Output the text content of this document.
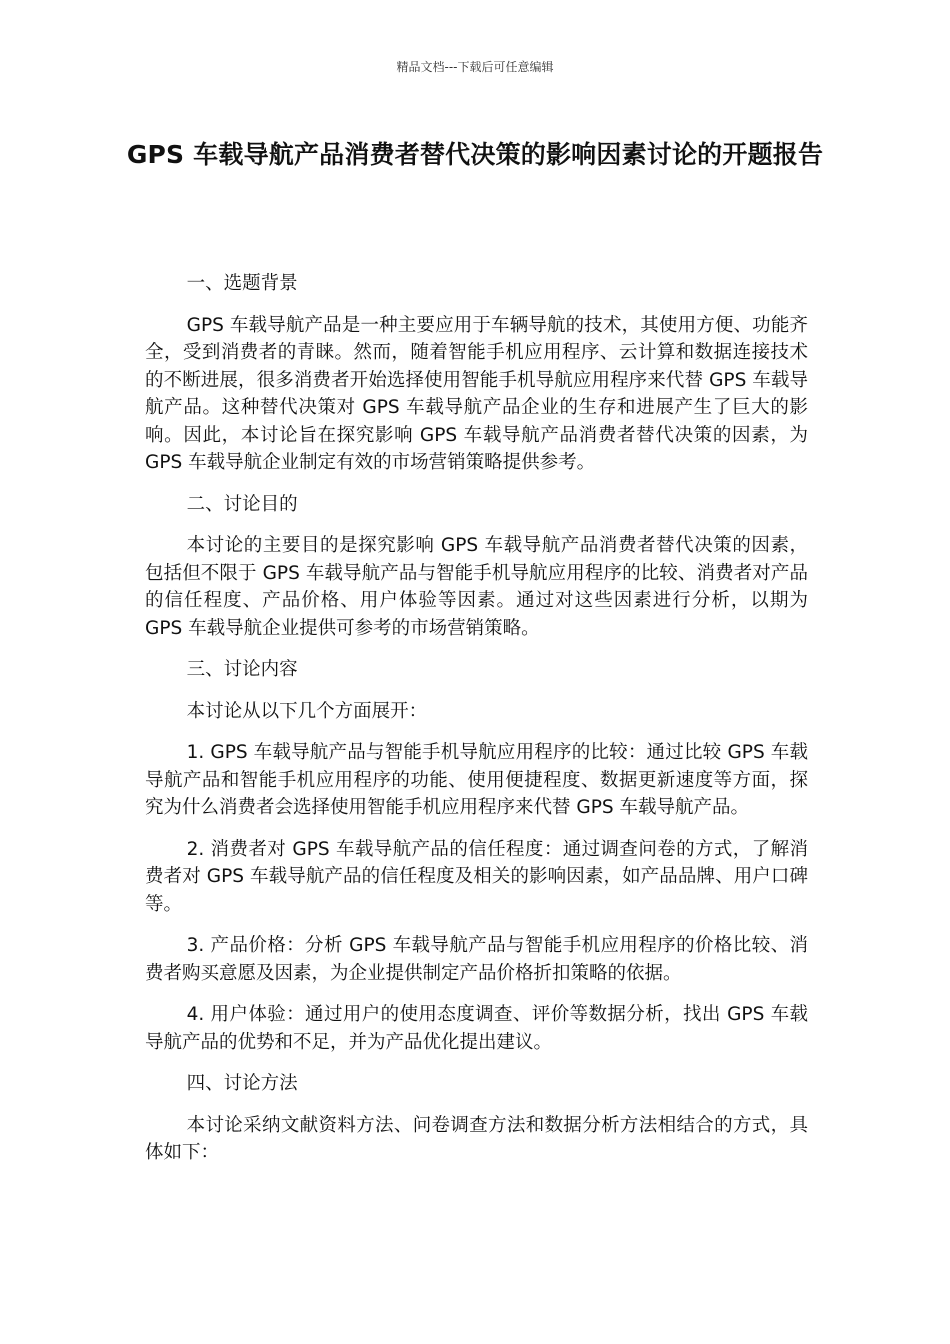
精品文档---下载后可任意编辑
GPS 车载导航产品消费者替代决策的影响因素讨论的开题报告

一、选题背景

GPS 车载导航产品是一种主要应用于车辆导航的技术，其使用方便、功能齐全，受到消费者的青睐。然而，随着智能手机应用程序、云计算和数据连接技术的不断进展，很多消费者开始选择使用智能手机导航应用程序来代替 GPS 车载导航产品。这种替代决策对 GPS 车载导航产品企业的生存和进展产生了巨大的影响。因此，本讨论旨在探究影响 GPS 车载导航产品消费者替代决策的因素，为 GPS 车载导航企业制定有效的市场营销策略提供参考。

二、讨论目的

本讨论的主要目的是探究影响 GPS 车载导航产品消费者替代决策的因素，包括但不限于 GPS 车载导航产品与智能手机导航应用程序的比较、消费者对产品的信任程度、产品价格、用户体验等因素。通过对这些因素进行分析，以期为 GPS 车载导航企业提供可参考的市场营销策略。

三、讨论内容

本讨论从以下几个方面展开：

1. GPS 车载导航产品与智能手机导航应用程序的比较：通过比较 GPS 车载导航产品和智能手机应用程序的功能、使用便捷程度、数据更新速度等方面，探究为什么消费者会选择使用智能手机应用程序来代替 GPS 车载导航产品。

2. 消费者对 GPS 车载导航产品的信任程度：通过调查问卷的方式，了解消费者对 GPS 车载导航产品的信任程度及相关的影响因素，如产品品牌、用户口碑等。

3. 产品价格：分析 GPS 车载导航产品与智能手机应用程序的价格比较、消费者购买意愿及因素，为企业提供制定产品价格折扣策略的依据。

4. 用户体验：通过用户的使用态度调查、评价等数据分析，找出 GPS 车载导航产品的优势和不足，并为产品优化提出建议。

四、讨论方法

本讨论采纳文献资料方法、问卷调查方法和数据分析方法相结合的方式，具体如下：
